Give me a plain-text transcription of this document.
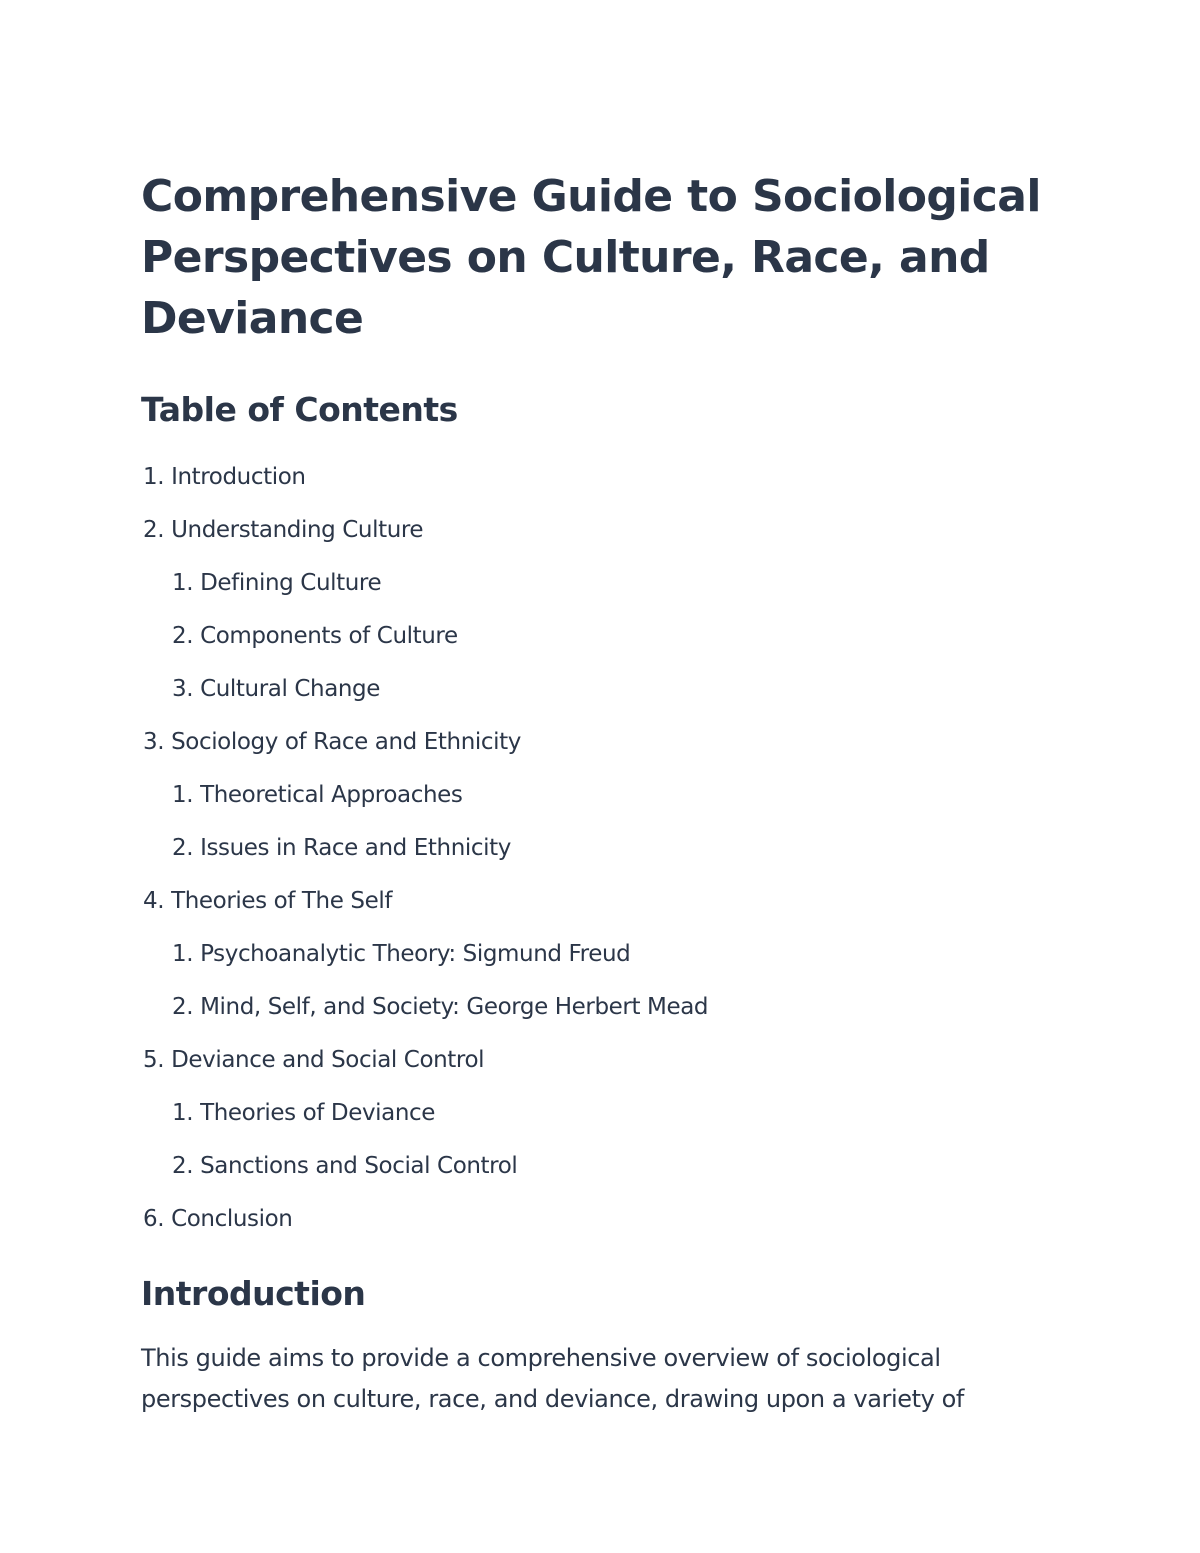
Comprehensive Guide to Sociological Perspectives on Culture, Race, and Deviance
Table of Contents
1. Introduction
2. Understanding Culture
1. Defining Culture
2. Components of Culture
3. Cultural Change
3. Sociology of Race and Ethnicity
1. Theoretical Approaches
2. Issues in Race and Ethnicity
4. Theories of The Self
1. Psychoanalytic Theory: Sigmund Freud
2. Mind, Self, and Society: George Herbert Mead
5. Deviance and Social Control
1. Theories of Deviance
2. Sanctions and Social Control
6. Conclusion
Introduction

This guide aims to provide a comprehensive overview of sociological
perspectives on culture, race, and deviance, drawing upon a variety of
